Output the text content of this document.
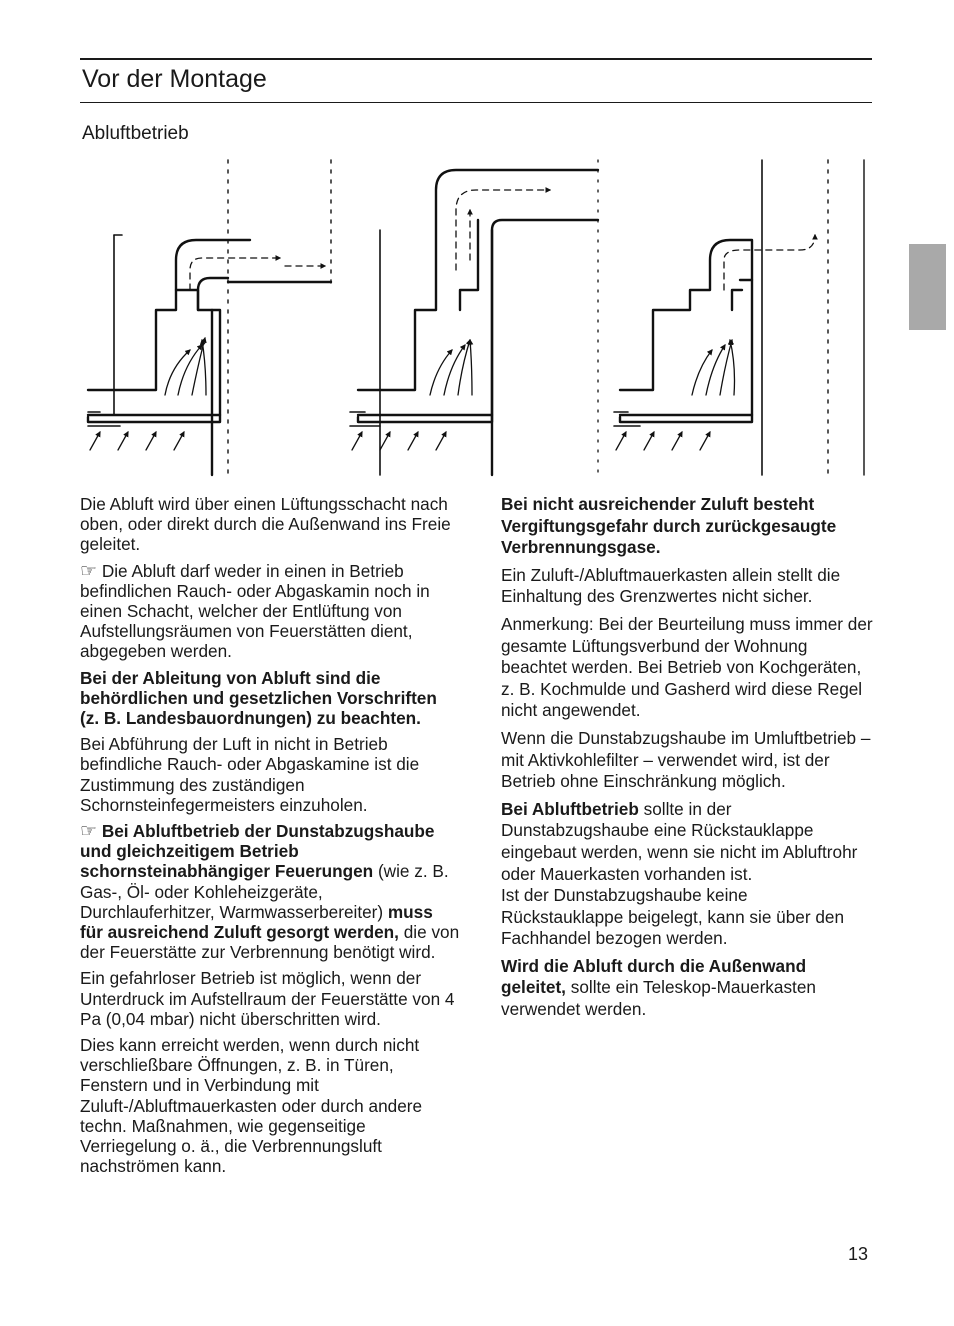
Vor der Montage
Abluftbetrieb

Die Abluft wird über einen Lüftungsschacht nach oben, oder direkt durch die Außenwand ins Freie geleitet.

☞ Die Abluft darf weder in einen in Betrieb befindlichen Rauch- oder Abgaskamin noch in einen Schacht, welcher der Entlüftung von Aufstellungsräumen von Feuerstätten dient, abgegeben werden.

Bei der Ableitung von Abluft sind die behördlichen und gesetzlichen Vorschriften (z. B. Landesbauordnungen) zu beachten.

Bei Abführung der Luft in nicht in Betrieb befindliche Rauch- oder Abgaskamine ist die Zustimmung des zuständigen Schornsteinfegermeisters einzuholen.

☞ Bei Abluftbetrieb der Dunstabzugshaube und gleichzeitigem Betrieb schornsteinabhängiger Feuerungen (wie z. B. Gas-, Öl- oder Kohleheizgeräte, Durchlauferhitzer, Warmwasserbereiter) muss für ausreichend Zuluft gesorgt werden, die von der Feuerstätte zur Verbrennung benötigt wird.

Ein gefahrloser Betrieb ist möglich, wenn der Unterdruck im Aufstellraum der Feuerstätte von 4 Pa (0,04 mbar) nicht überschritten wird.

Dies kann erreicht werden, wenn durch nicht verschließbare Öffnungen, z. B. in Türen, Fenstern und in Verbindung mit Zuluft-/Abluftmauerkasten oder durch andere techn. Maßnahmen, wie gegenseitige Verriegelung o. ä., die Verbrennungsluft nachströmen kann.

Bei nicht ausreichender Zuluft besteht Vergiftungsgefahr durch zurückgesaugte Verbrennungsgase.

Ein Zuluft-/Abluftmauerkasten allein stellt die Einhaltung des Grenzwertes nicht sicher.

Anmerkung: Bei der Beurteilung muss immer der gesamte Lüftungsverbund der Wohnung beachtet werden. Bei Betrieb von Kochgeräten, z. B. Kochmulde und Gasherd wird diese Regel nicht angewendet.

Wenn die Dunstabzugshaube im Umluftbetrieb – mit Aktivkohlefilter – verwendet wird, ist der Betrieb ohne Einschränkung möglich.

Bei Abluftbetrieb sollte in der Dunstabzugshaube eine Rückstauklappe eingebaut werden, wenn sie nicht im Abluftrohr oder Mauerkasten vorhanden ist.
Ist der Dunstabzugshaube keine Rückstauklappe beigelegt, kann sie über den Fachhandel bezogen werden.

Wird die Abluft durch die Außenwand geleitet, sollte ein Teleskop-Mauerkasten verwendet werden.

13
